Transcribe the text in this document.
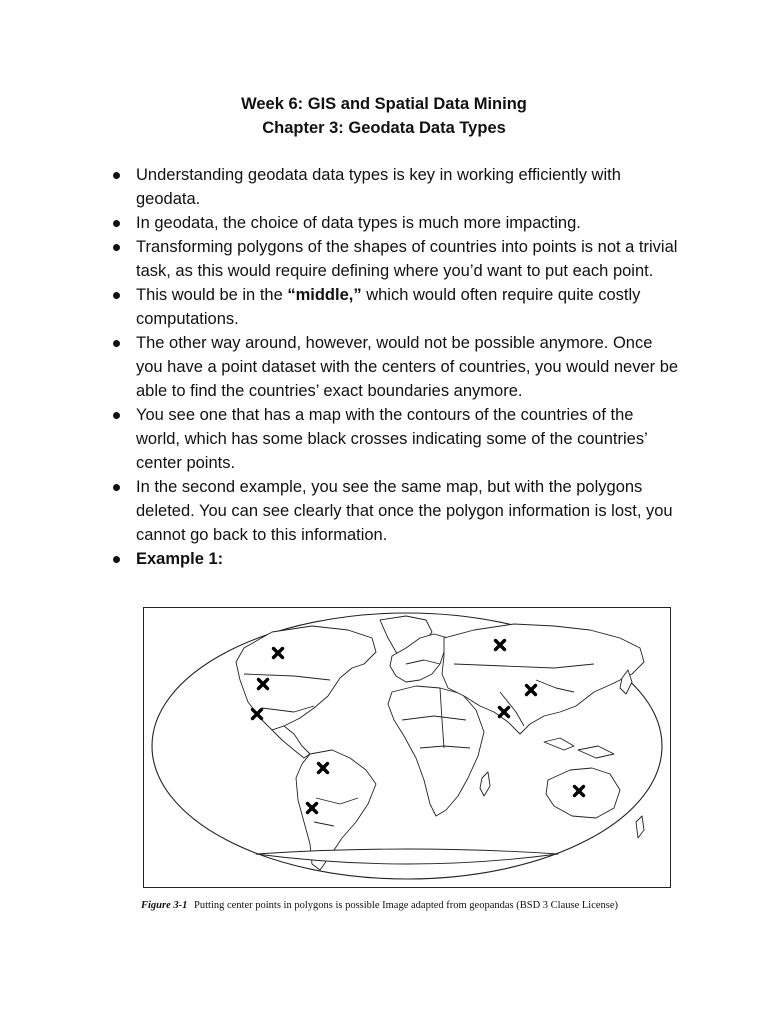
Week 6: GIS and Spatial Data Mining
Chapter 3: Geodata Data Types
Understanding geodata data types is key in working efficiently with geodata.
In geodata, the choice of data types is much more impacting.
Transforming polygons of the shapes of countries into points is not a trivial task, as this would require defining where you’d want to put each point.
This would be in the “middle,” which would often require quite costly computations.
The other way around, however, would not be possible anymore. Once you have a point dataset with the centers of countries, you would never be able to find the countries’ exact boundaries anymore.
You see one that has a map with the contours of the countries of the world, which has some black crosses indicating some of the countries’ center points.
In the second example, you see the same map, but with the polygons deleted. You can see clearly that once the polygon information is lost, you cannot go back to this information.
Example 1:
Figure 3-1 Putting center points in polygons is possible Image adapted from geopandas (BSD 3 Clause License)
